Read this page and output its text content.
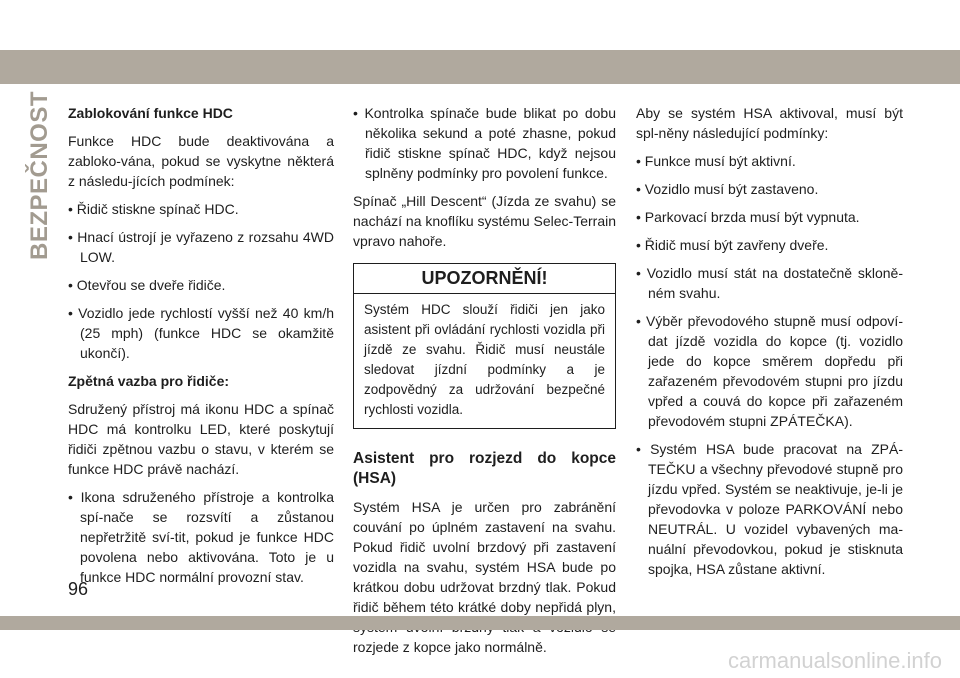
BEZPEČNOST Zablokování funkce HDC

Funkce HDC bude deaktivována a zabloko-vána, pokud se vyskytne některá z následu-jících podmínek:

• Řidič stiskne spínač HDC.

• Hnací ústrojí je vyřazeno z rozsahu 4WD LOW.

• Otevřou se dveře řidiče.

• Vozidlo jede rychlostí vyšší než 40 km/h (25 mph) (funkce HDC se okamžitě ukončí).

Zpětná vazba pro řidiče:

Sdružený přístroj má ikonu HDC a spínač HDC má kontrolku LED, které poskytují řidiči zpětnou vazbu o stavu, v kterém se funkce HDC právě nachází.

• Ikona sdruženého přístroje a kontrolka spí-nače se rozsvítí a zůstanou nepřetržitě sví-tit, pokud je funkce HDC povolena nebo aktivována. Toto je u funkce HDC normální provozní stav.

• Kontrolka spínače bude blikat po dobu několika sekund a poté zhasne, pokud řidič stiskne spínač HDC, když nejsou splněny podmínky pro povolení funkce.

Spínač „Hill Descent“ (Jízda ze svahu) se nachází na knoflíku systému Selec-Terrain vpravo nahoře.

UPOZORNĚNÍ!
Systém HDC slouží řidiči jen jako asistent při ovládání rychlosti vozidla při jízdě ze svahu. Řidič musí neustále sledovat jízdní podmínky a je zodpovědný za udržování bezpečné rychlosti vozidla.

Asistent pro rozjezd do kopce (HSA)

Systém HSA je určen pro zabránění couvání po úplném zastavení na svahu. Pokud řidič uvolní brzdový při zastavení vozidla na svahu, systém HSA bude po krátkou dobu udržovat brzdný tlak. Pokud řidič během této krátké doby nepřidá plyn, rozjede z kopce jako normálně.

Aby se systém HSA aktivoval, musí být spl-něny následující podmínky:

• Funkce musí být aktivní.

• Vozidlo musí být zastaveno.

• Parkovací brzda musí být vypnuta.

• Řidič musí být zavřeny dveře.

• Vozidlo musí stát na dostatečně skloně-ném svahu.

• Výběr převodového stupně musí odpoví-dat jízdě vozidla do kopce (tj. vozidlo jede do kopce směrem dopředu při zařazeném převodovém stupni pro jízdu vpřed a couvá do kopce při zařazeném převodovém stupni ZPÁTEČKA).

• Systém HSA bude pracovat na ZPÁ-TEČKU a všechny převodové stupně pro jízdu vpřed. Systém se neaktivuje, je-li je převodovka v poloze PARKOVÁNÍ nebo NEUTRÁL. U vozidel vybavených ma-nuální převodovkou, pokud je stisknuta spojka, HSA zůstane aktivní.

96
carmanualsonline.info
